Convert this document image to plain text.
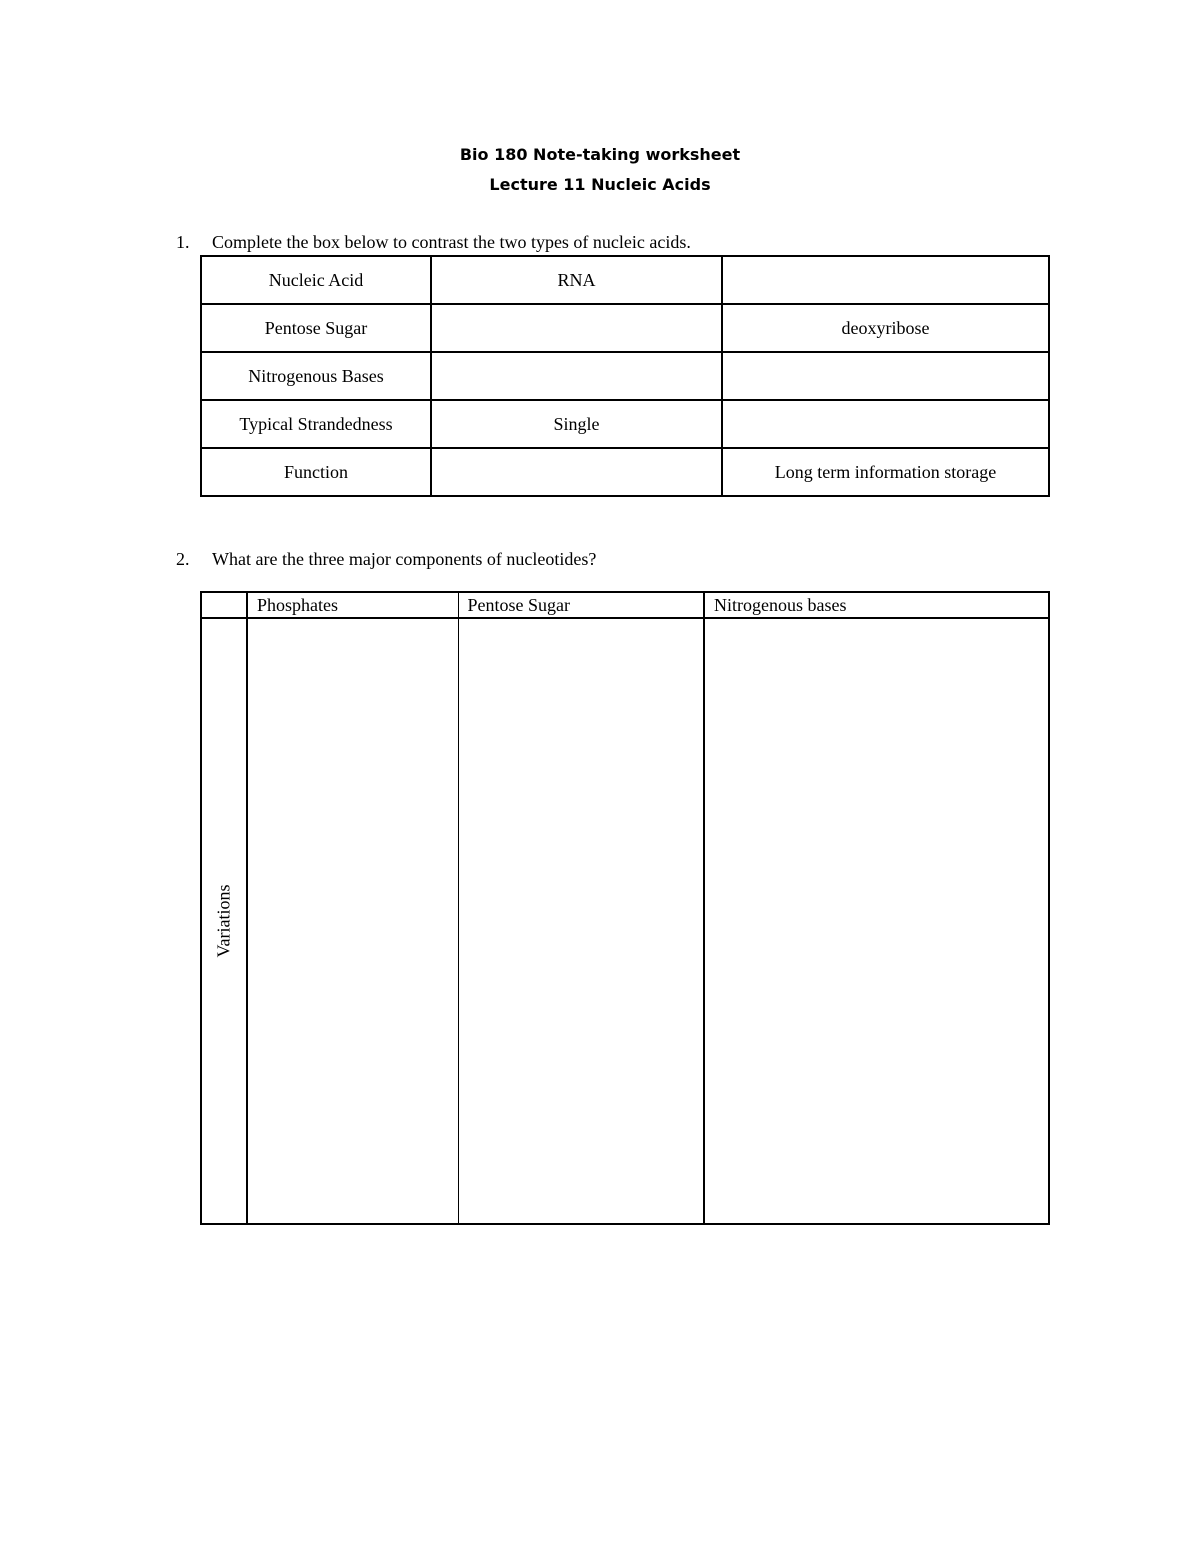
Bio 180 Note-taking worksheet
Lecture 11 Nucleic Acids
1. Complete the box below to contrast the two types of nucleic acids.
Nucleic Acid	RNA	
Pentose Sugar		deoxyribose
Nitrogenous Bases		
Typical Strandedness	Single	
Function		Long term information storage
2. What are the three major components of nucleotides?
	Phosphates	Pentose Sugar	Nitrogenous bases

Variations			
